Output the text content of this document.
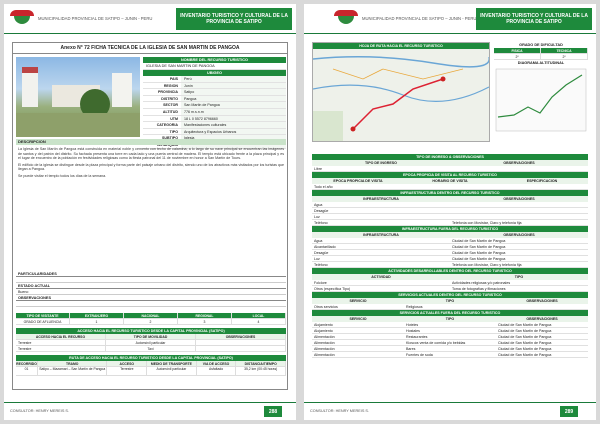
MUNICIPALIDAD PROVINCIAL DE SATIPO – JUNIN - PERU	INVENTARIO TURISTICO Y CULTURAL DE LA PROVINCIA DE SATIPO
Anexo N° 72 FICHA TECNICA DE LA IGLESIA DE SAN MARTIN DE PANGOA
NOMBRE DEL RECURSO TURISTICO
IGLESIA DE SAN MARTIN DE PANGOA
UBIGEO
PAIS	Perú
REGION	Junín
PROVINCIA	Satipo
DISTRITO	Pangoa
SECTOR	San Martin de Pangoa
ALTITUD	776 m.s.n.m
UTM	18 L 0 5572 8796660
CATEGORIA	Manifestaciones culturales
TIPO	Arquitectura y Espacios Urbanos
DESCRIPCION
La Iglesia de San Martín de Pangoa está construida en material noble y cemento con techo de calamina; a lo largo de su nave principal se encuentran las imágenes de santos y del patrón del distrito. Su fachada presenta una torre en cada lado y una puerta central de madera. El templo está ubicado frente a la plaza principal y es el lugar de encuentro de la población en festividades religiosas como la fiesta patronal del 11 de noviembre en honor a San Martín de Tours.
El edificio de la iglesia se distingue desde la plaza principal y forma parte del paisaje urbano del distrito, siendo uno de los atractivos más visitados por los turistas que llegan a Pangoa.
Se puede visitar el templo todos los días de la semana.
PARTICULARIDADES
ESTADO ACTUAL
Bueno
OBSERVACIONES
TIPO DE VISITANTE	EXTRANJERO	NACIONAL	REGIONAL	LOCAL
GRADO DE AFLUENCIA	1	2	3	4
ACCESO HACIA EL RECURSO TURISTICO DESDE LA CAPITAL PROVINCIAL (SATIPO)
ACCESO HACIA EL RECURSO	TIPO DE MOVILIDAD	OBSERVACIONES
Terrestre	Automóvil particular
Terrestre	Taxi
RUTA DE ACCESO HACIA EL RECURSO TURISTICO DESDE LA CAPITAL PROVINCIAL (SATIPO)
RECORRIDO	TRAMO	ACCESO	MEDIO DE TRANSPORTE	VIA DE ACCESO	DISTANCIA/TIEMPO
01	Satipo – Mazamari – San Martín de Pangoa	Terrestre	Automóvil particular	Asfaltado	35,2 km (00:45 horas)
CONSULTOR: HENRY MEREIS S.	288
MUNICIPALIDAD PROVINCIAL DE SATIPO – JUNIN - PERU INVENTARIO TURISTICO Y CULTURAL DE LA PROVINCIA DE SATIPO
HOJA DE RUTA HACIA EL RECURSO TURISTICO	GRADO DE DIFICULTAD
FISICA	TECNICA
2º	2º
DIAGRAMA ALTITUDINAL
TIPO DE INGRESO & OBSERVACIONES
TIPO DE INGRESO	OBSERVACIONES
Libre
EPOCA PROPICIA DE VISITA AL RECURSO TURISTICO
EPOCA PROPICIA DE VISITA	HORARIO DE VISITA	ESPECIFICACION
Todo el año
INFRAESTRUCTURA DENTRO DEL RECURSO TURISTICO
INFRAESTRUCTURA	OBSERVACIONES
Agua
Desagüe
Luz
Teléfono	Telefonía con Movistar, Claro y telefonía fija
INFRAESTRUCTURA FUERA DEL RECURSO TURISTICO
INFRAESTRUCTURA	OBSERVACIONES
Agua	Ciudad de San Martín de Pangoa
Alcantarillado	Ciudad de San Martín de Pangoa
Desagüe	Ciudad de San Martín de Pangoa
Luz	Ciudad de San Martín de Pangoa
Teléfono	Telefonía con Movistar, Claro y telefonía fija
ACTIVIDADES DESARROLLABLES DENTRO DEL RECURSO TURISTICO
ACTIVIDAD	TIPO
Folclore	Actividades religiosas y/o patronales
Otros (específica Tipo)	Toma de fotografías y filmaciones
SERVICIOS ACTUALES DENTRO DEL RECURSO TURISTICO
SERVICIO	TIPO	OBSERVACIONES
Otros servicios	Religiosos
SERVICIOS ACTUALES FUERA DEL RECURSO TURISTICO
SERVICIO	TIPO	OBSERVACIONES
Alojamiento	Hoteles	Ciudad de San Martín de Pangoa
Alojamiento	Hostales	Ciudad de San Martín de Pangoa
Alimentación	Restaurantes	Ciudad de San Martín de Pangoa
Alimentación	Kioscos venta de comida y/o bebidas	Ciudad de San Martín de Pangoa
Alimentación	Bares	Ciudad de San Martín de Pangoa
Alimentación	Fuentes de soda	Ciudad de San Martín de Pangoa
CONSULTOR: HENRY MEREIS S.	289
